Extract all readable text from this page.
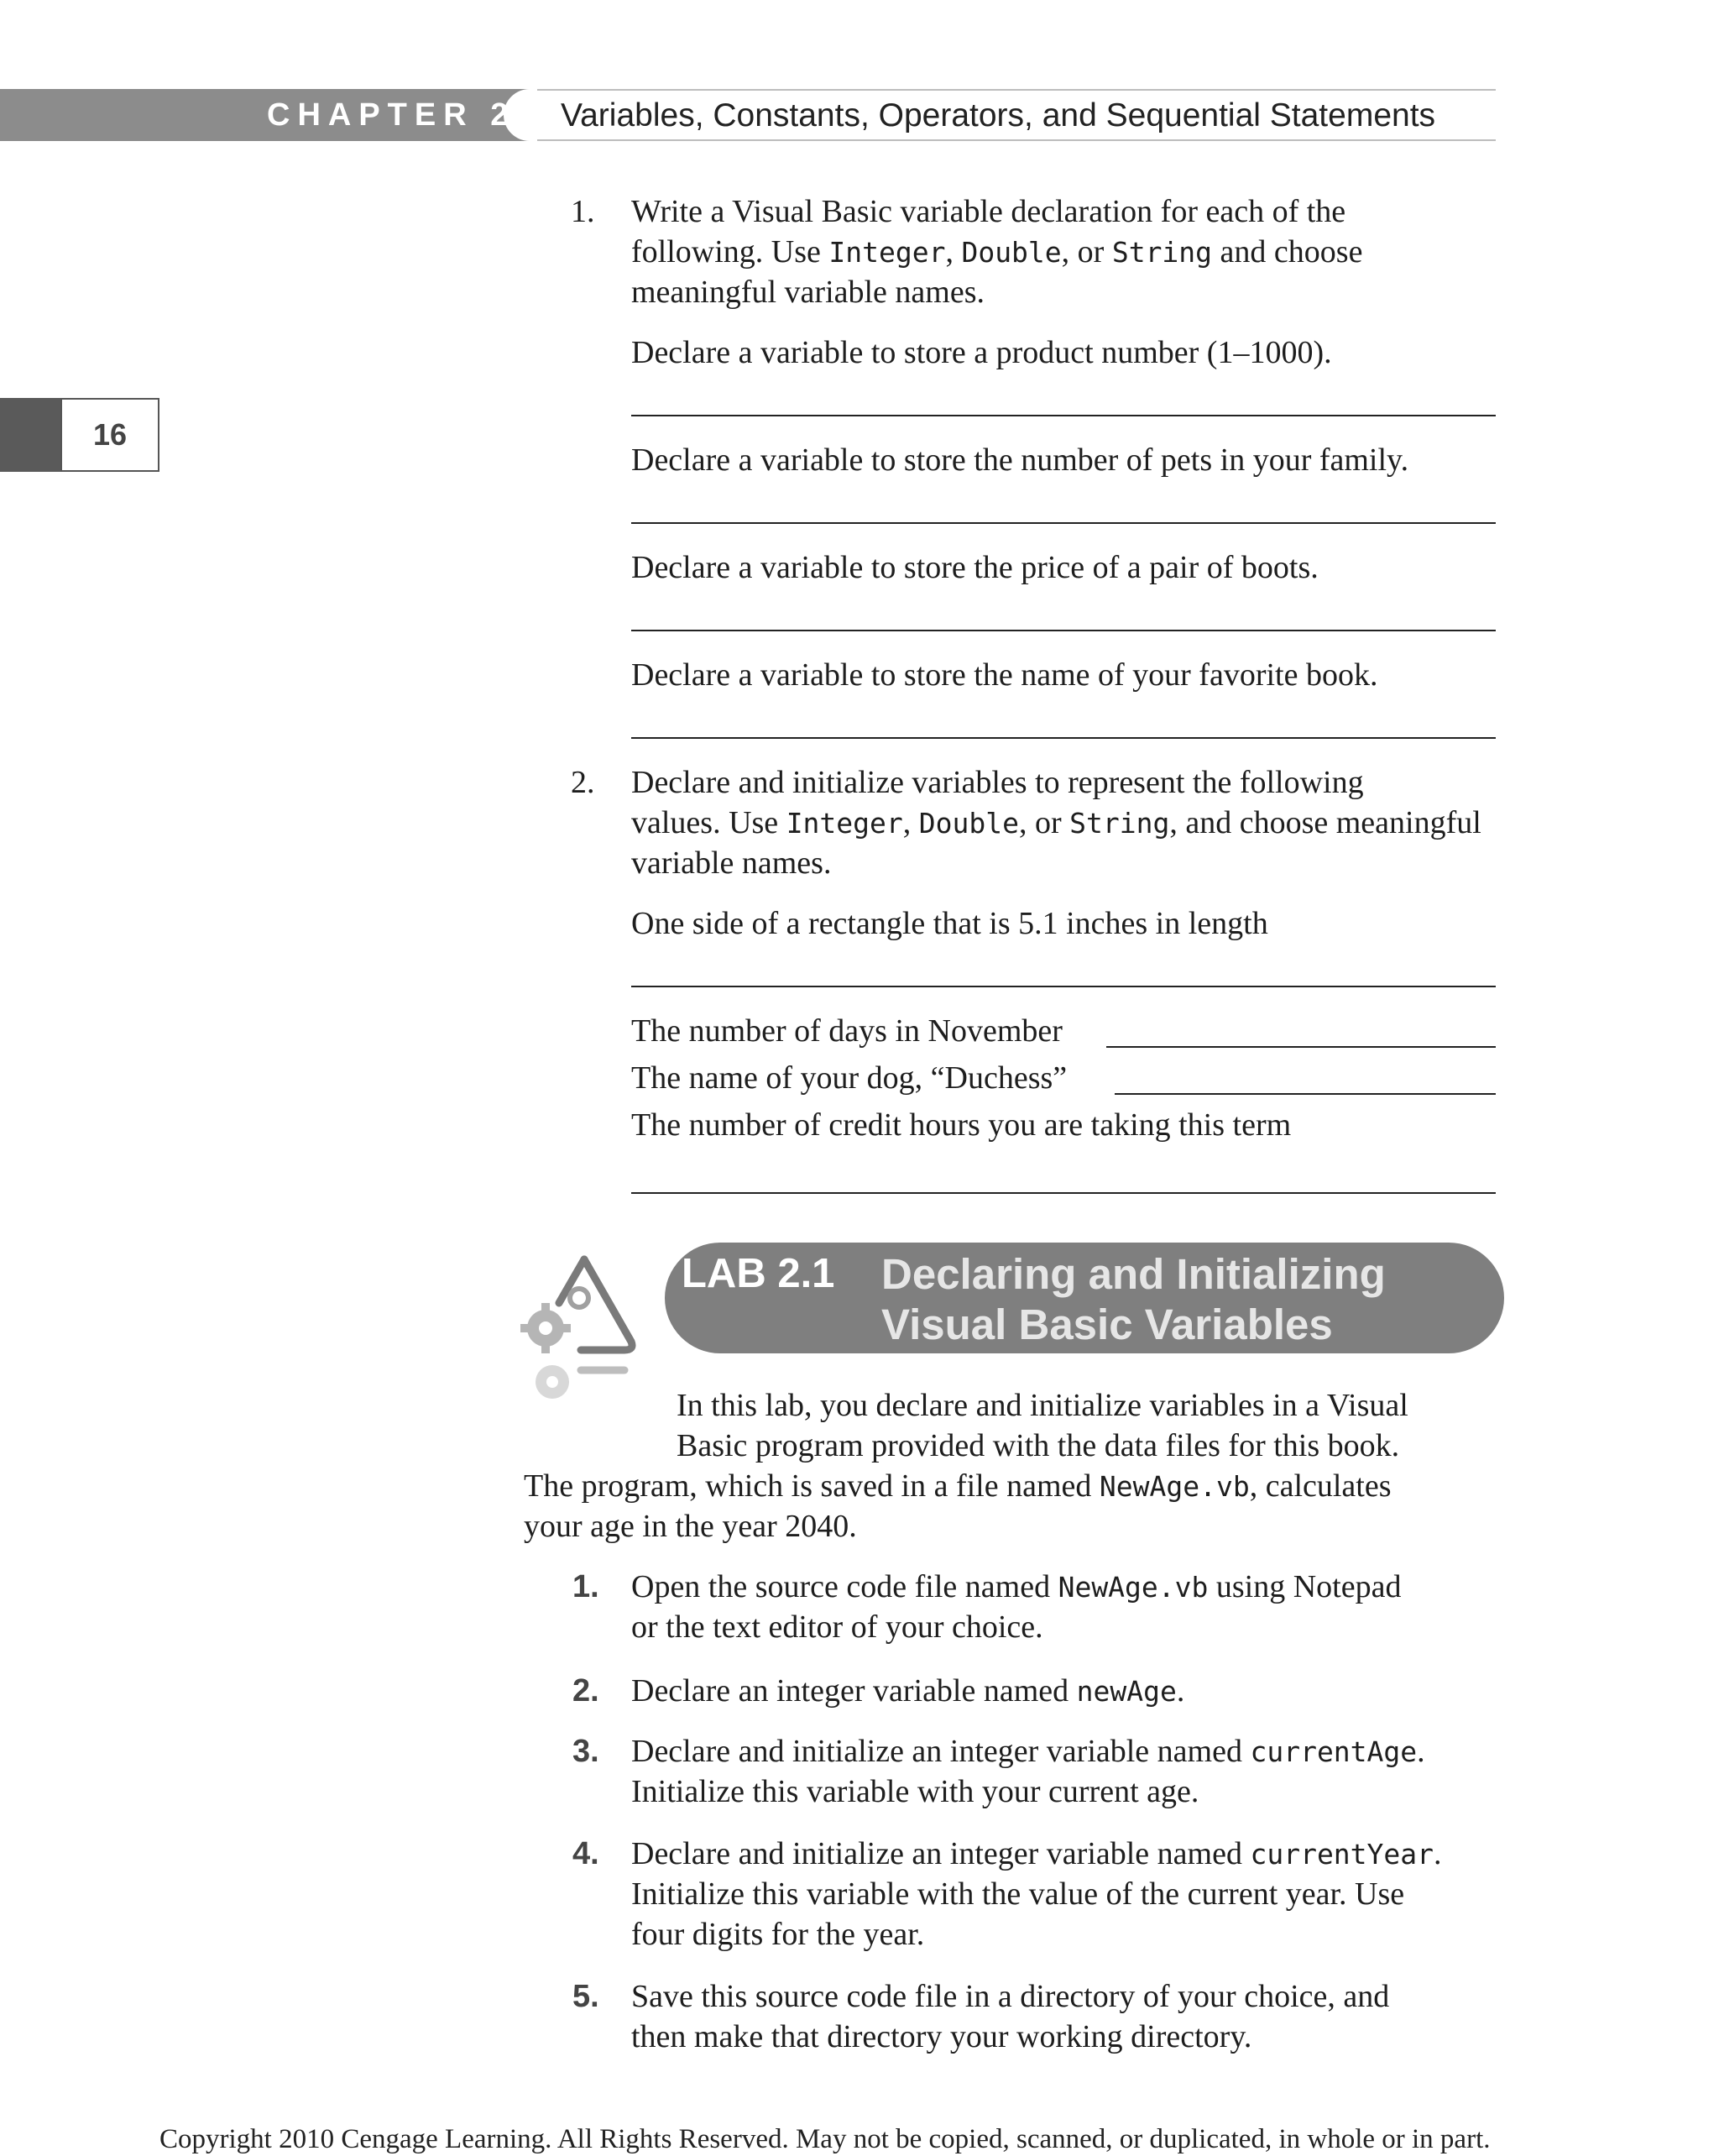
CHAPTER 2 Variables, Constants, Operators, and Sequential Statements
16
1. Write a Visual Basic variable declaration for each of the
following. Use Integer, Double, or String and choose
meaningful variable names.
Declare a variable to store a product number (1–1000).
Declare a variable to store the number of pets in your family.
Declare a variable to store the price of a pair of boots.
Declare a variable to store the name of your favorite book.
2. Declare and initialize variables to represent the following
values. Use Integer, Double, or String, and choose meaningful
variable names.
One side of a rectangle that is 5.1 inches in length
The number of days in November
The name of your dog, “Duchess”
The number of credit hours you are taking this term
LAB 2.1 Declaring and Initializing
Visual Basic Variables
In this lab, you declare and initialize variables in a Visual
Basic program provided with the data files for this book.
The program, which is saved in a file named NewAge.vb, calculates
your age in the year 2040.
1. Open the source code file named NewAge.vb using Notepad
or the text editor of your choice.
2. Declare an integer variable named newAge.
3. Declare and initialize an integer variable named currentAge.
Initialize this variable with your current age.
4. Declare and initialize an integer variable named currentYear.
Initialize this variable with the value of the current year. Use
four digits for the year.
5. Save this source code file in a directory of your choice, and
then make that directory your working directory.
Copyright 2010 Cengage Learning. All Rights Reserved. May not be copied, scanned, or duplicated, in whole or in part.
